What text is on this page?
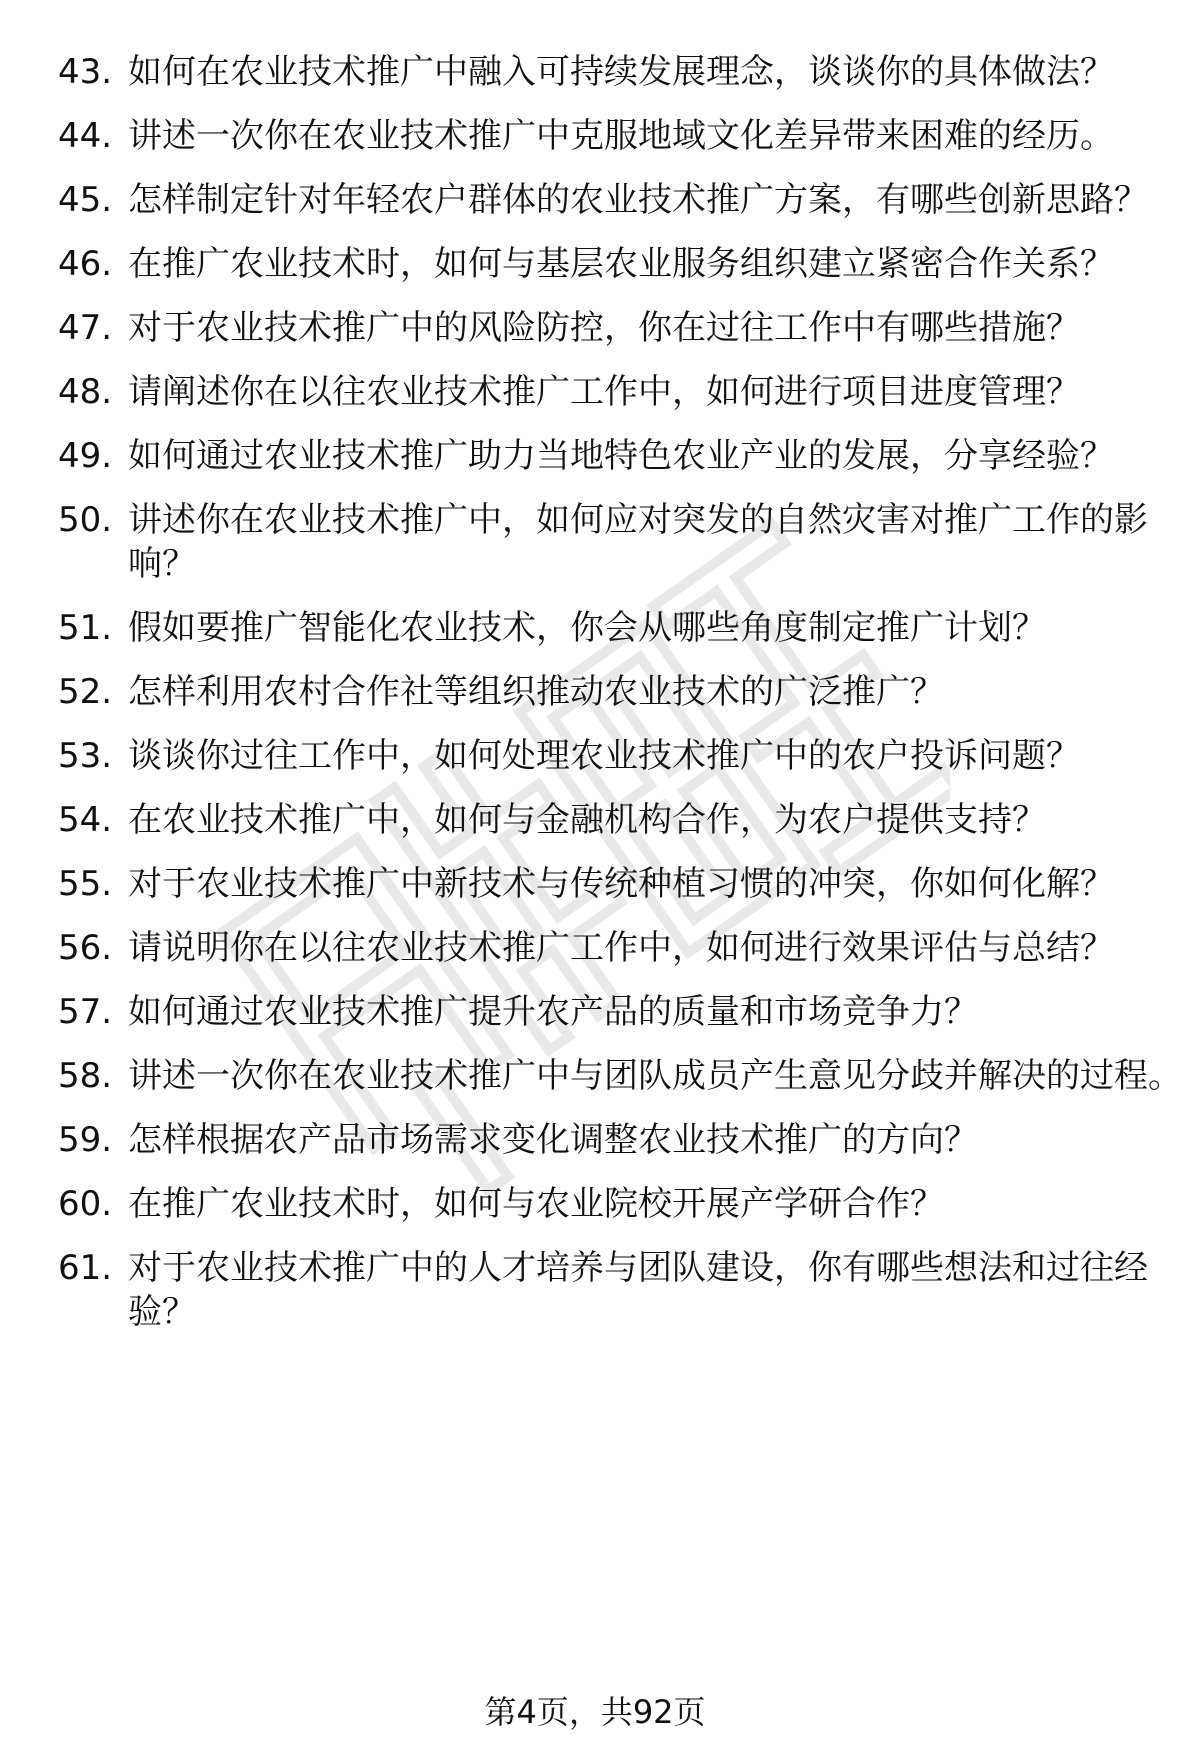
43. 如何在农业技术推广中融入可持续发展理念，谈谈你的具体做法？
44. 讲述一次你在农业技术推广中克服地域文化差异带来困难的经历。
45. 怎样制定针对年轻农户群体的农业技术推广方案，有哪些创新思路？
46. 在推广农业技术时，如何与基层农业服务组织建立紧密合作关系？
47. 对于农业技术推广中的风险防控，你在过往工作中有哪些措施？
48. 请阐述你在以往农业技术推广工作中，如何进行项目进度管理？
49. 如何通过农业技术推广助力当地特色农业产业的发展，分享经验？
50. 讲述你在农业技术推广中，如何应对突发的自然灾害对推广工作的影响？
51. 假如要推广智能化农业技术，你会从哪些角度制定推广计划？
52. 怎样利用农村合作社等组织推动农业技术的广泛推广？
53. 谈谈你过往工作中，如何处理农业技术推广中的农户投诉问题？
54. 在农业技术推广中，如何与金融机构合作，为农户提供支持？
55. 对于农业技术推广中新技术与传统种植习惯的冲突，你如何化解？
56. 请说明你在以往农业技术推广工作中，如何进行效果评估与总结？
57. 如何通过农业技术推广提升农产品的质量和市场竞争力？
58. 讲述一次你在农业技术推广中与团队成员产生意见分歧并解决的过程。
59. 怎样根据农产品市场需求变化调整农业技术推广的方向？
60. 在推广农业技术时，如何与农业院校开展产学研合作？
61. 对于农业技术推广中的人才培养与团队建设，你有哪些想法和过往经验？
第4页，共92页
